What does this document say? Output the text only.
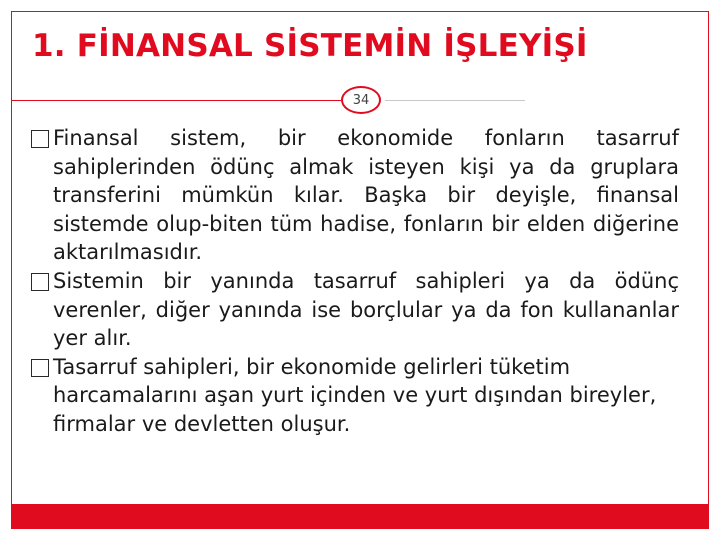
1. FİNANSAL SİSTEMİN İŞLEYİŞİ
34
Finansal sistem, bir ekonomide fonların tasarruf sahiplerinden ödünç almak isteyen kişi ya da gruplara transferini mümkün kılar. Başka bir deyişle, finansal sistemde olup-biten tüm hadise, fonların bir elden diğerine aktarılmasıdır.
Sistemin bir yanında tasarruf sahipleri ya da ödünç verenler, diğer yanında ise borçlular ya da fon kullananlar yer alır.
Tasarruf sahipleri, bir ekonomide gelirleri tüketim harcamalarını aşan yurt içinden ve yurt dışından bireyler, firmalar ve devletten oluşur.
